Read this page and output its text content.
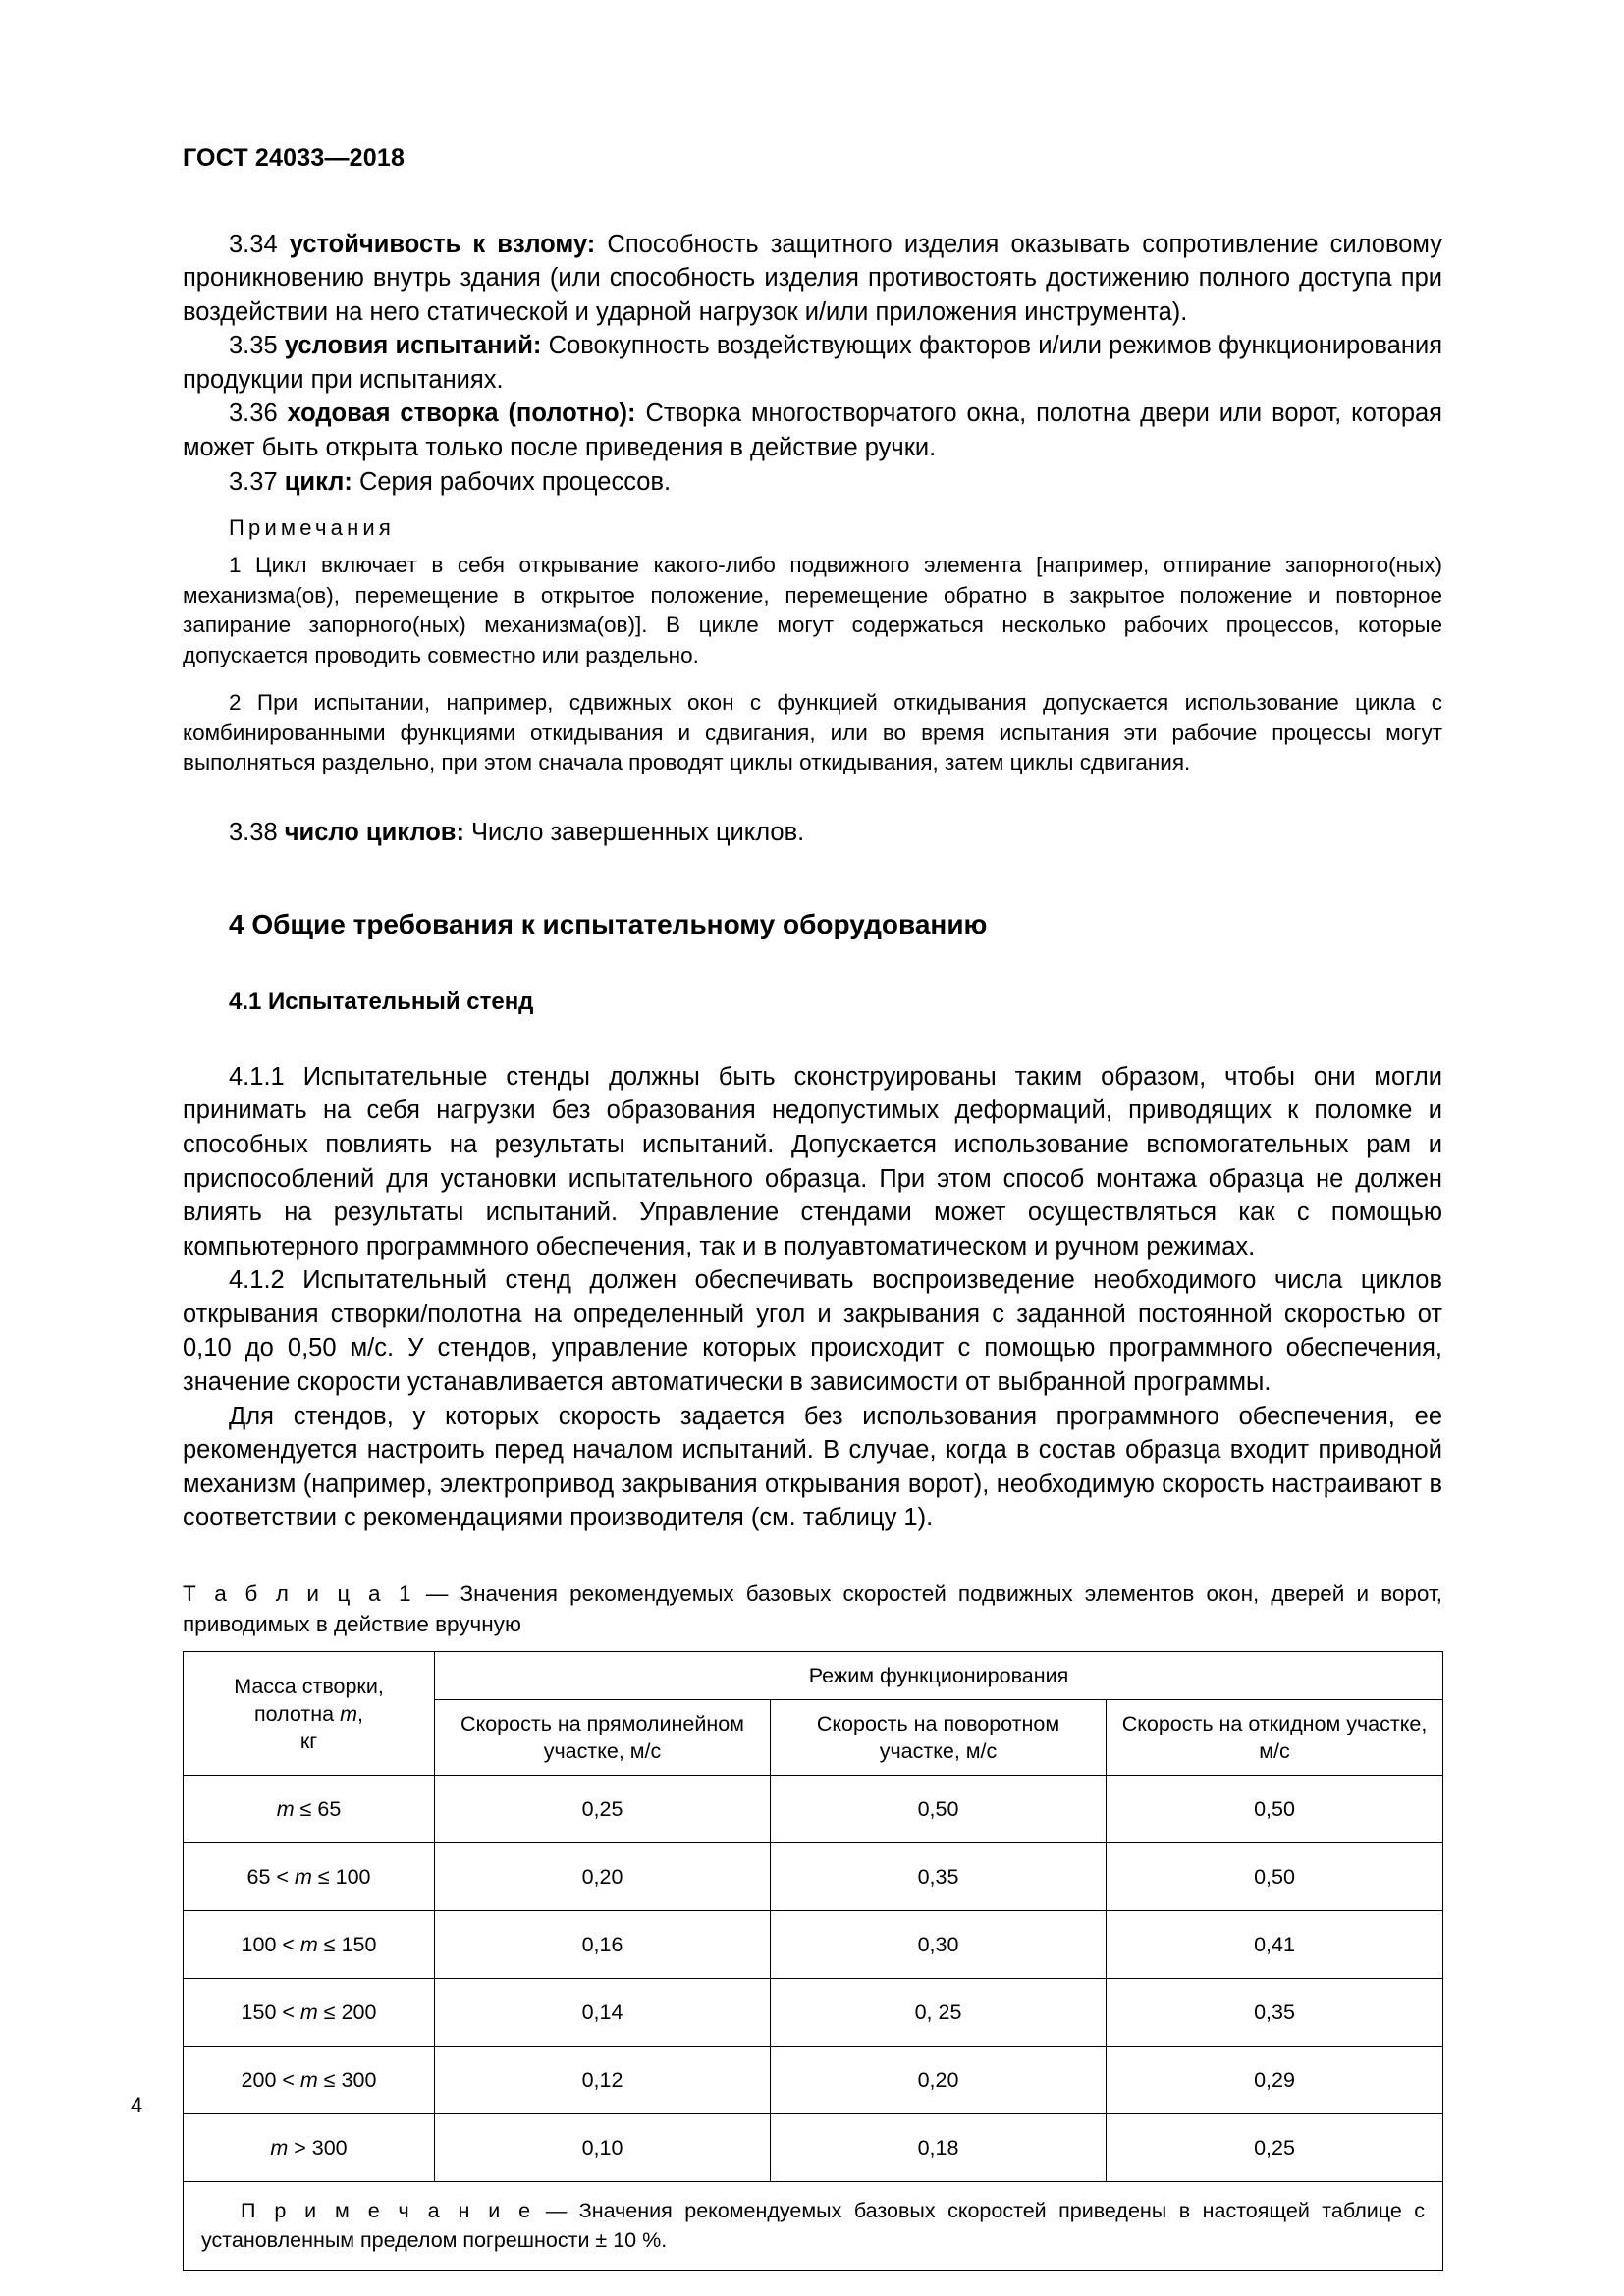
ГОСТ 24033—2018

3.34 устойчивость к взлому: Способность защитного изделия оказывать сопротивление силовому проникновению внутрь здания (или способность изделия противостоять достижению полного доступа при воздействии на него статической и ударной нагрузок и/или приложения инструмента).

3.35 условия испытаний: Совокупность воздействующих факторов и/или режимов функционирования продукции при испытаниях.

3.36 ходовая створка (полотно): Створка многостворчатого окна, полотна двери или ворот, которая может быть открыта только после приведения в действие ручки.

3.37 цикл: Серия рабочих процессов.

Примечания

1 Цикл включает в себя открывание какого-либо подвижного элемента [например, отпирание запорного(ных) механизма(ов), перемещение в открытое положение, перемещение обратно в закрытое положение и повторное запирание запорного(ных) механизма(ов)]. В цикле могут содержаться несколько рабочих процессов, которые допускается проводить совместно или раздельно.

2 При испытании, например, сдвижных окон с функцией откидывания допускается использование цикла с комбинированными функциями откидывания и сдвигания, или во время испытания эти рабочие процессы могут выполняться раздельно, при этом сначала проводят циклы откидывания, затем циклы сдвигания.

3.38 число циклов: Число завершенных циклов.

4 Общие требования к испытательному оборудованию
4.1 Испытательный стенд

4.1.1 Испытательные стенды должны быть сконструированы таким образом, чтобы они могли принимать на себя нагрузки без образования недопустимых деформаций, приводящих к поломке и способных повлиять на результаты испытаний. Допускается использование вспомогательных рам и приспособлений для установки испытательного образца. При этом способ монтажа образца не должен влиять на результаты испытаний. Управление стендами может осуществляться как с помощью компьютерного программного обеспечения, так и в полуавтоматическом и ручном режимах.

4.1.2 Испытательный стенд должен обеспечивать воспроизведение необходимого числа циклов открывания створки/полотна на определенный угол и закрывания с заданной постоянной скоростью от 0,10 до 0,50 м/с. У стендов, управление которых происходит с помощью программного обеспечения, значение скорости устанавливается автоматически в зависимости от выбранной программы.

Для стендов, у которых скорость задается без использования программного обеспечения, ее рекомендуется настроить перед началом испытаний. В случае, когда в состав образца входит приводной механизм (например, электропривод закрывания открывания ворот), необходимую скорость настраивают в соответствии с рекомендациями производителя (см. таблицу 1).

Т а б л и ц а 1 — Значения рекомендуемых базовых скоростей подвижных элементов окон, дверей и ворот, приводимых в действие вручную
Масса створки, полотна m,
кг	Режим функционирования		
	Скорость на прямолинейном участке, м/с	Скорость на поворотном участке, м/с	Скорость на откидном участке, м/с
m ≤ 65	0,25	0,50	0,50
65 < m ≤ 100	0,20	0,35	0,50
100 < m ≤ 150	0,16	0,30	0,41
150 < m ≤ 200	0,14	0, 25	0,35
200 < m ≤ 300	0,12	0,20	0,29
m > 300	0,10	0,18	0,25
П р и м е ч а н и е — Значения рекомендуемых базовых скоростей приведены в настоящей таблице с установленным пределом погрешности ± 10 %.			
4
